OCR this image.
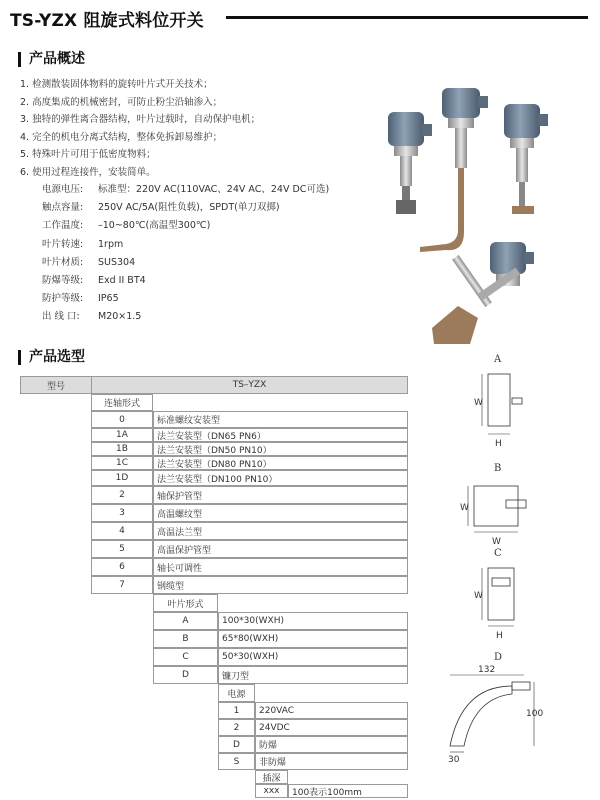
TS-YZX 阻旋式料位开关
产品概述
1. 检测散装固体物料的旋转叶片式开关技术；
2. 高度集成的机械密封，可防止粉尘沿轴渗入；
3. 独特的弹性离合器结构，叶片过载时，自动保护电机；
4. 完全的机电分离式结构，整体免拆卸易维护；
5. 特殊叶片可用于低密度物料；
6. 使用过程连接件，安装简单。
电源电压:	标准型：220V AC(110VAC、24V AC、24V DC可选)
触点容量:	250V AC/5A(阻性负载)，SPDT(单刀双掷)
工作温度:	–10~80℃(高温型300℃)
叶片转速:	1rpm
叶片材质:	SUS304
防爆等级:	Exd II BT4
防护等级:	IP65
出 线 口:	M20×1.5
产品选型
型号	TS–YZX
连轴形式
0	标准螺纹安装型
1A	法兰安装型（DN65 PN6）
1B	法兰安装型（DN50 PN10）
1C	法兰安装型（DN80 PN10）
1D	法兰安装型（DN100 PN10）
2	轴保护管型
3	高温螺纹型
4	高温法兰型
5	高温保护管型
6	轴长可调性
7	钢缆型
叶片形式
A	100*30(WXH)
B	65*80(WXH)
C	50*30(WXH)
D	镰刀型
电源
1	220VAC
2	24VDC
D	防爆
S	非防爆
插深
xxx	100表示100mm
A
B
C
D
W
H
W
W
W
H
132
100
30
